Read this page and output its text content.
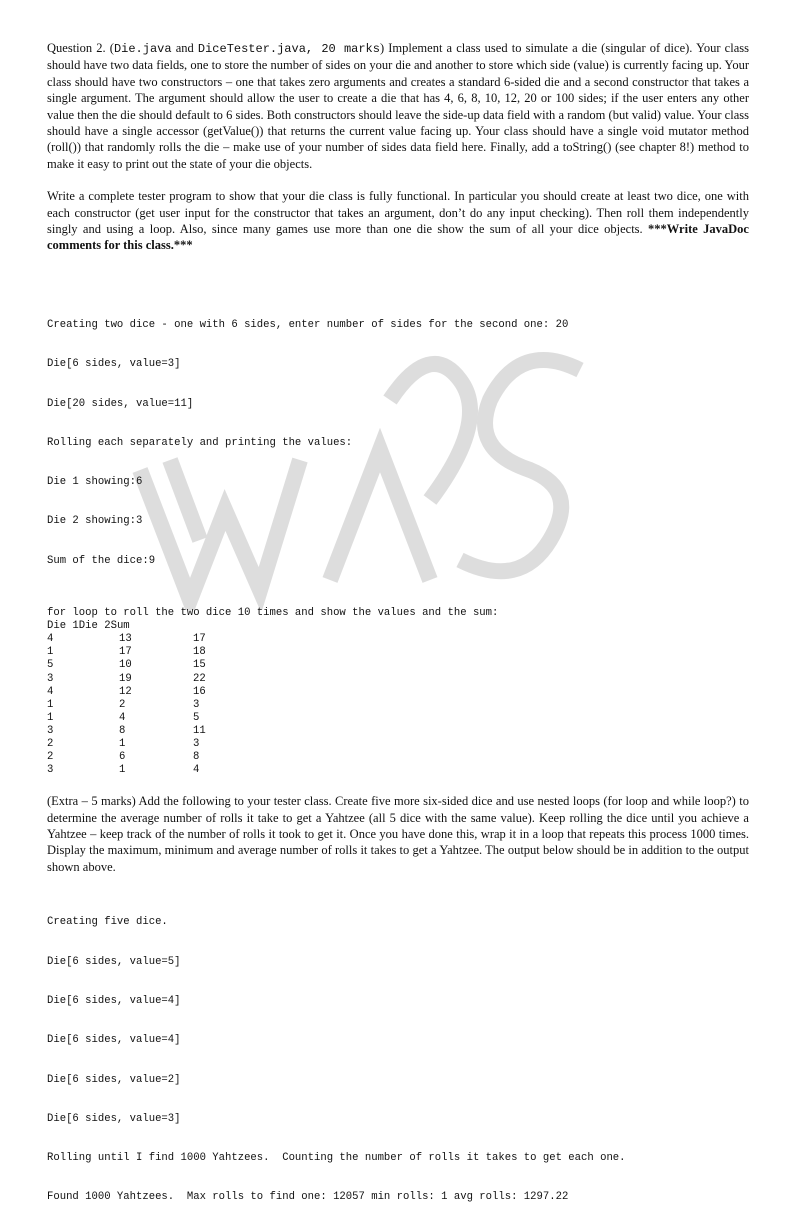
Question 2. (Die.java and DiceTester.java, 20 marks) Implement a class used to simulate a die (singular of dice). Your class should have two data fields, one to store the number of sides on your die and another to store which side (value) is currently facing up. Your class should have two constructors – one that takes zero arguments and creates a standard 6-sided die and a second constructor that takes a single argument. The argument should allow the user to create a die that has 4, 6, 8, 10, 12, 20 or 100 sides; if the user enters any other value then the die should default to 6 sides. Both constructors should leave the side-up data field with a random (but valid) value. Your class should have a single accessor (getValue()) that returns the current value facing up. Your class should have a single void mutator method (roll()) that randomly rolls the die – make use of your number of sides data field here. Finally, add a toString() (see chapter 8!) method to make it easy to print out the state of your die objects.

Write a complete tester program to show that your die class is fully functional. In particular you should create at least two dice, one with each constructor (get user input for the constructor that takes an argument, don’t do any input checking). Then roll them independently singly and using a loop. Also, since many games use more than one die show the sum of all your dice objects. ***Write JavaDoc comments for this class.***

Creating two dice - one with 6 sides, enter number of sides for the second one: 20

Die[6 sides, value=3]

Die[20 sides, value=11]

Rolling each separately and printing the values:

Die 1 showing:6

Die 2 showing:3

Sum of the dice:9

for loop to roll the two dice 10 times and show the values and the sum:
Die 1Die 2Sum		
4	13	17
1	17	18
5	10	15
3	19	22
4	12	16
1	2	3
1	4	5
3	8	11
2	1	3
2	6	8
3	1	4

(Extra – 5 marks) Add the following to your tester class. Create five more six-sided dice and use nested loops (for loop and while loop?) to determine the average number of rolls it take to get a Yahtzee (all 5 dice with the same value). Keep rolling the dice until you achieve a Yahtzee – keep track of the number of rolls it took to get it. Once you have done this, wrap it in a loop that repeats this process 1000 times. Display the maximum, minimum and average number of rolls it takes to get a Yahtzee. The output below should be in addition to the output shown above.

Creating five dice.

Die[6 sides, value=5]

Die[6 sides, value=4]

Die[6 sides, value=4]

Die[6 sides, value=2]

Die[6 sides, value=3]

Rolling until I find 1000 Yahtzees.  Counting the number of rolls it takes to get each one.

Found 1000 Yahtzees.  Max rolls to find one: 12057 min rolls: 1 avg rolls: 1297.22
